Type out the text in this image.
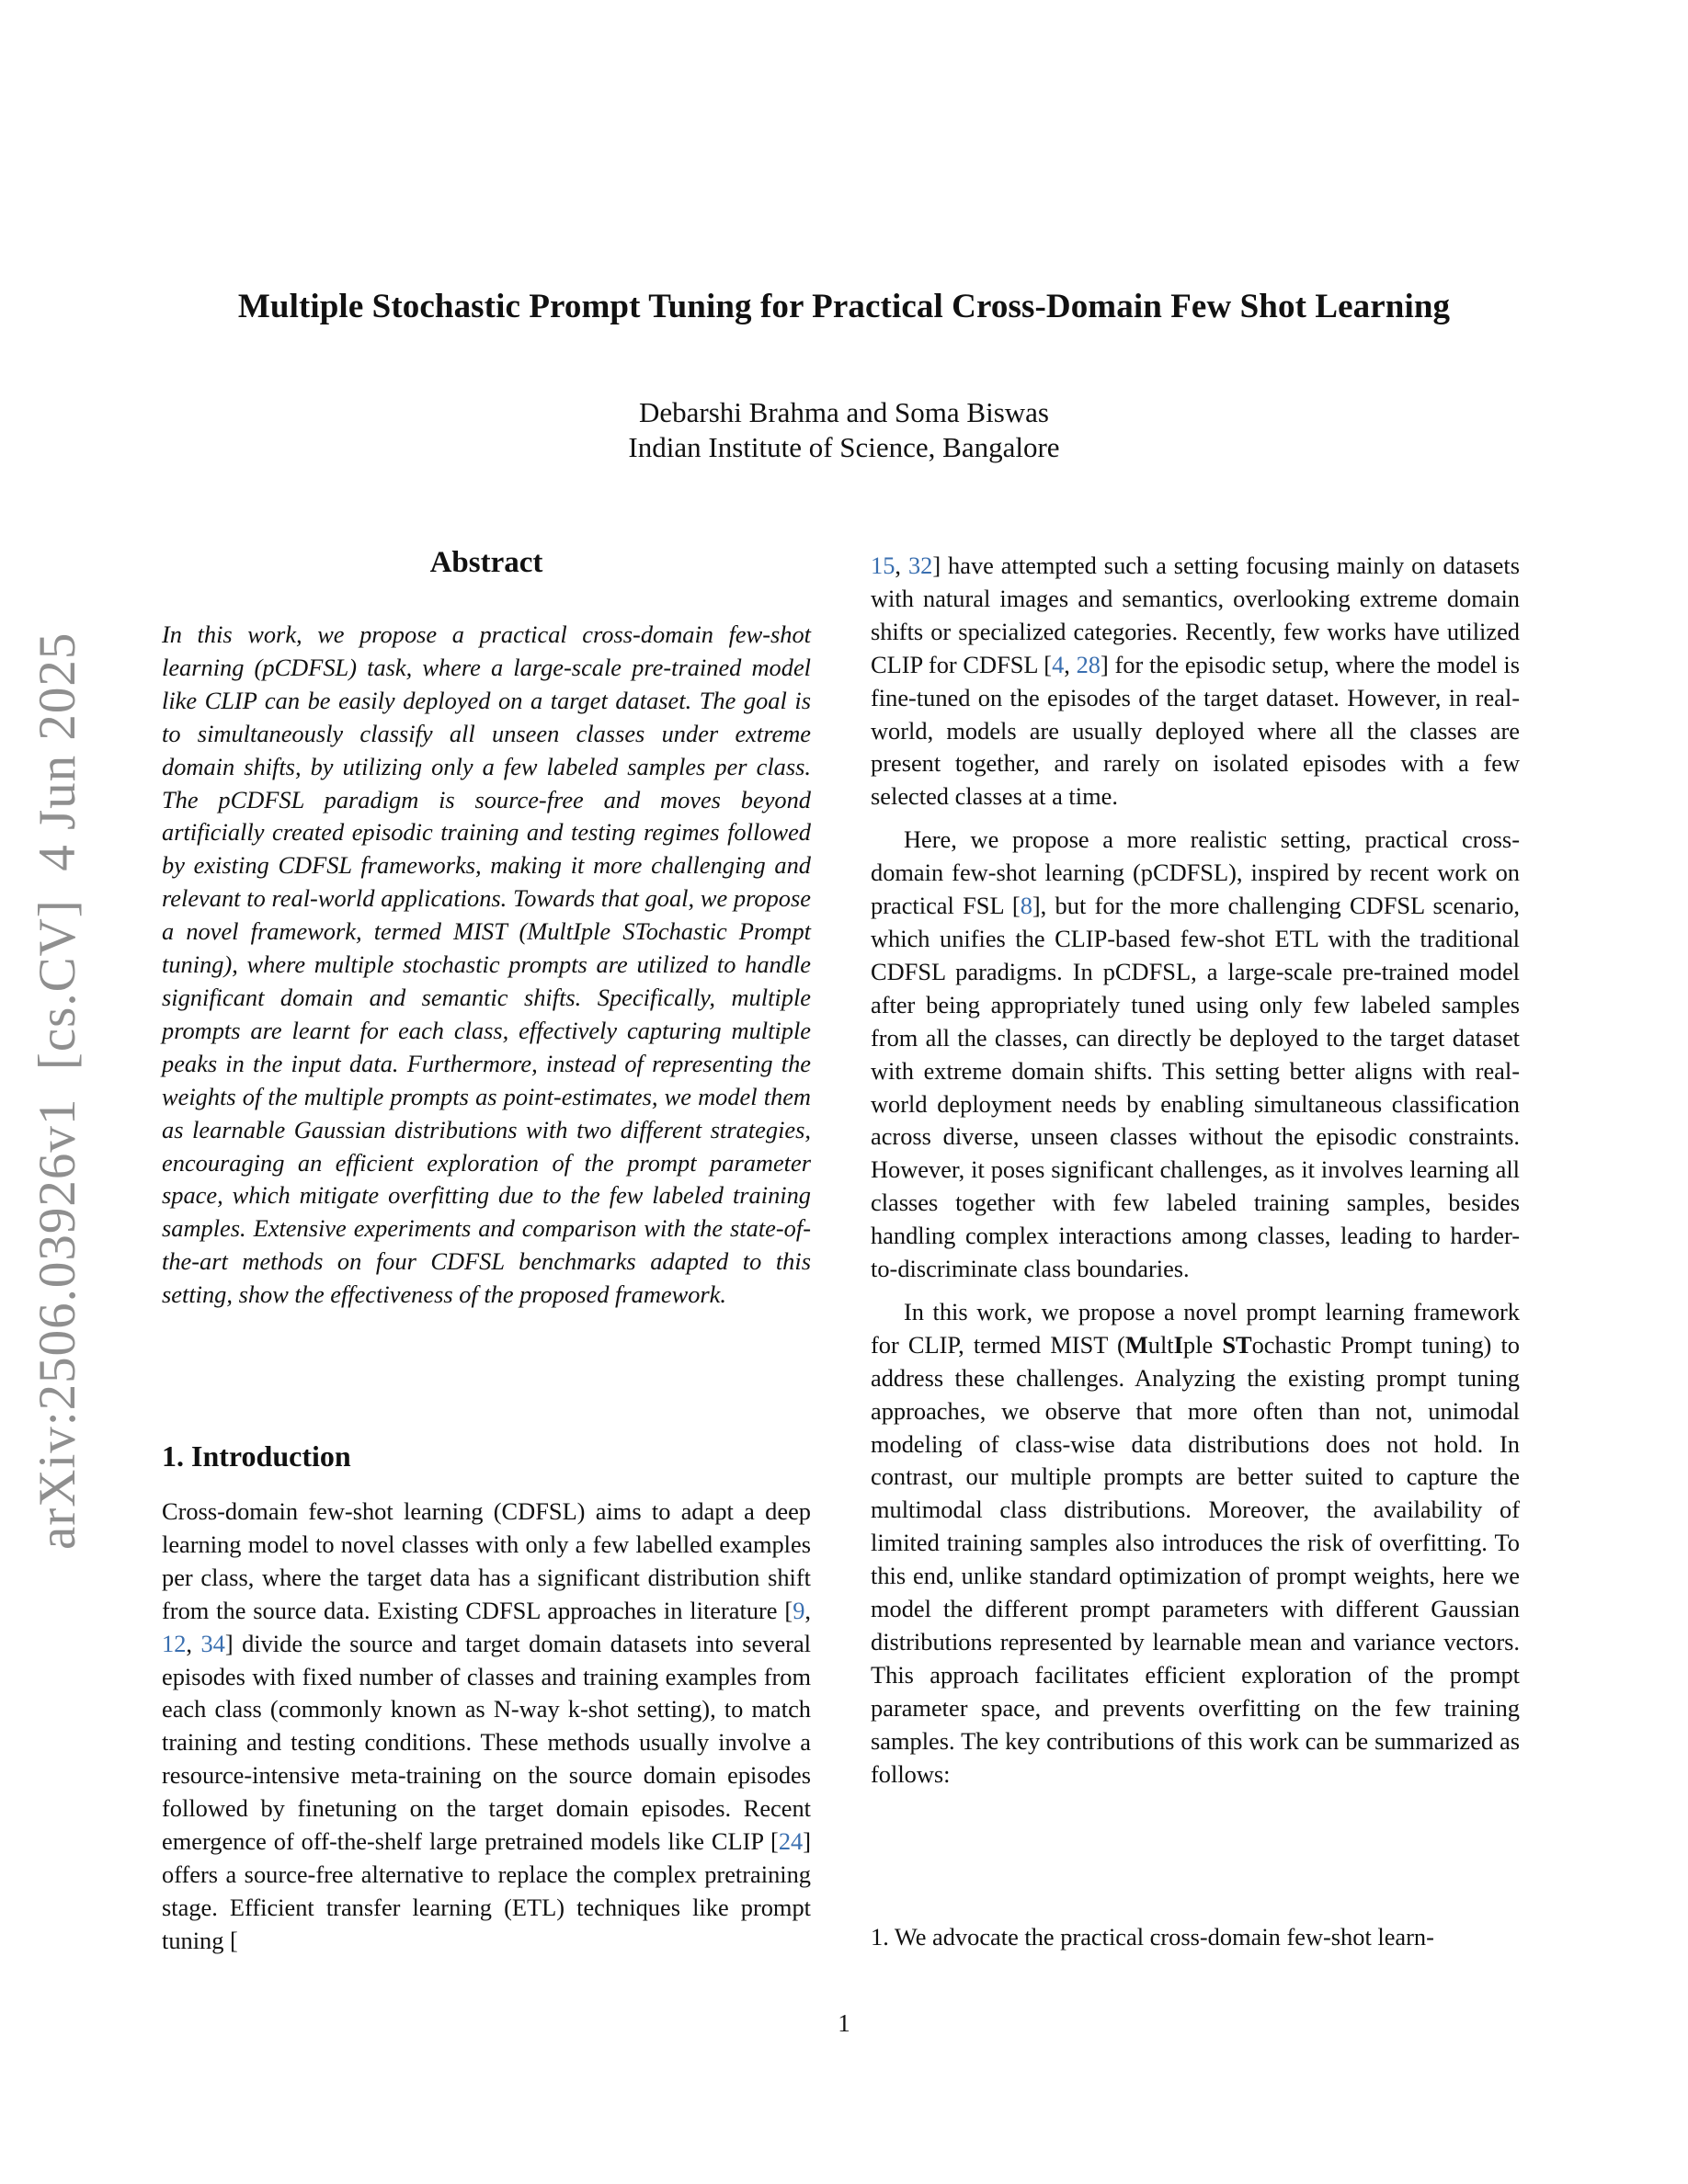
arXiv:2506.03926v1  [cs.CV]  4 Jun 2025
Multiple Stochastic Prompt Tuning for Practical Cross-Domain Few Shot Learning
Debarshi Brahma and Soma Biswas
Indian Institute of Science, Bangalore
Abstract
In this work, we propose a practical cross-domain few-shot learning (pCDFSL) task, where a large-scale pre-trained model like CLIP can be easily deployed on a target dataset. The goal is to simultaneously classify all unseen classes under extreme domain shifts, by utilizing only a few labeled samples per class. The pCDFSL paradigm is source-free and moves beyond artificially created episodic training and testing regimes followed by existing CDFSL frameworks, making it more challenging and relevant to real-world applications. Towards that goal, we propose a novel framework, termed MIST (MultIple STochastic Prompt tuning), where multiple stochastic prompts are utilized to handle significant domain and semantic shifts. Specifically, multiple prompts are learnt for each class, effectively capturing multiple peaks in the input data. Furthermore, instead of representing the weights of the multiple prompts as point-estimates, we model them as learnable Gaussian distributions with two different strategies, encouraging an efficient exploration of the prompt parameter space, which mitigate overfitting due to the few labeled training samples. Extensive experiments and comparison with the state-of-the-art methods on four CDFSL benchmarks adapted to this setting, show the effectiveness of the proposed framework.
1. Introduction
Cross-domain few-shot learning (CDFSL) aims to adapt a deep learning model to novel classes with only a few labelled examples per class, where the target data has a significant distribution shift from the source data. Existing CDFSL approaches in literature [9, 12, 34] divide the source and target domain datasets into several episodes with fixed number of classes and training examples from each class (commonly known as N-way k-shot setting), to match training and testing conditions. These methods usually involve a resource-intensive meta-training on the source domain episodes followed by finetuning on the target domain episodes. Recent emergence of off-the-shelf large pretrained models like CLIP [24] offers a source-free alternative to replace the complex pretraining stage. Efficient transfer learning (ETL) techniques like prompt tuning [

15, 32] have attempted such a setting focusing mainly on datasets with natural images and semantics, overlooking extreme domain shifts or specialized categories. Recently, few works have utilized CLIP for CDFSL [4, 28] for the episodic setup, where the model is fine-tuned on the episodes of the target dataset. However, in real-world, models are usually deployed where all the classes are present together, and rarely on isolated episodes with a few selected classes at a time.

Here, we propose a more realistic setting, practical cross-domain few-shot learning (pCDFSL), inspired by recent work on practical FSL [8], but for the more challenging CDFSL scenario, which unifies the CLIP-based few-shot ETL with the traditional CDFSL paradigms. In pCDFSL, a large-scale pre-trained model after being appropriately tuned using only few labeled samples from all the classes, can directly be deployed to the target dataset with extreme domain shifts. This setting better aligns with real-world deployment needs by enabling simultaneous classification across diverse, unseen classes without the episodic constraints. However, it poses significant challenges, as it involves learning all classes together with few labeled training samples, besides handling complex interactions among classes, leading to harder-to-discriminate class boundaries.

In this work, we propose a novel prompt learning framework for CLIP, termed MIST (MultIple STochastic Prompt tuning) to address these challenges. Analyzing the existing prompt tuning approaches, we observe that more often than not, unimodal modeling of class-wise data distributions does not hold. In contrast, our multiple prompts are better suited to capture the multimodal class distributions. Moreover, the availability of limited training samples also introduces the risk of overfitting. To this end, unlike standard optimization of prompt weights, here we model the different prompt parameters with different Gaussian distributions represented by learnable mean and variance vectors. This approach facilitates efficient exploration of the prompt parameter space, and prevents overfitting on the few training samples. The key contributions of this work can be summarized as follows:

1. We advocate the practical cross-domain few-shot learn-
1
